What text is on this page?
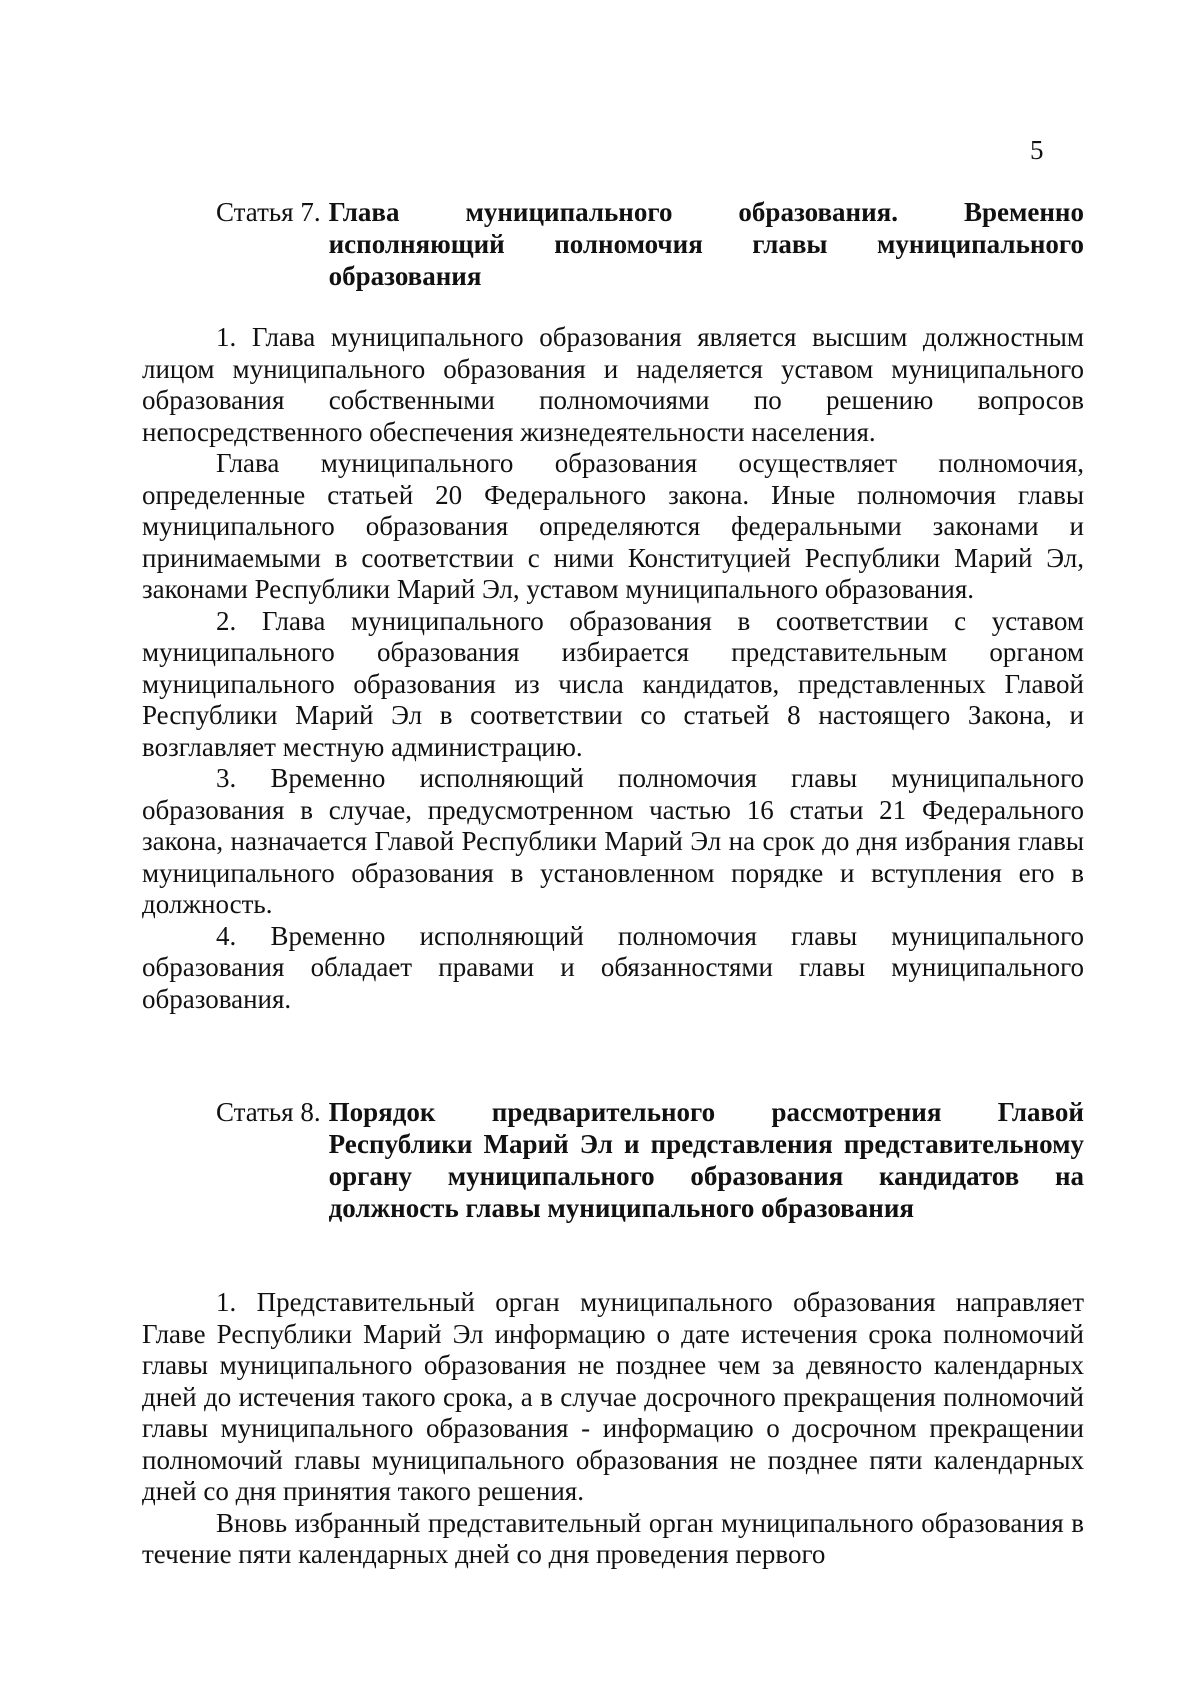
5
Статья 7. Глава муниципального образования. Временно исполняющий полномочия главы муниципального образования

1. Глава муниципального образования является высшим должностным лицом муниципального образования и наделяется уставом муниципального образования собственными полномочиями по решению вопросов непосредственного обеспечения жизнедеятельности населения.

Глава муниципального образования осуществляет полномочия, определенные статьей 20 Федерального закона. Иные полномочия главы муниципального образования определяются федеральными законами и принимаемыми в соответствии с ними Конституцией Республики Марий Эл, законами Республики Марий Эл, уставом муниципального образования.

2. Глава муниципального образования в соответствии с уставом муниципального образования избирается представительным органом муниципального образования из числа кандидатов, представленных Главой Республики Марий Эл в соответствии со статьей 8 настоящего Закона, и возглавляет местную администрацию.

3. Временно исполняющий полномочия главы муниципального образования в случае, предусмотренном частью 16 статьи 21 Федерального закона, назначается Главой Республики Марий Эл на срок до дня избрания главы муниципального образования в установленном порядке и вступления его в должность.

4. Временно исполняющий полномочия главы муниципального образования обладает правами и обязанностями главы муниципального образования.

Статья 8. Порядок предварительного рассмотрения Главой Республики Марий Эл и представления представительному органу муниципального образования кандидатов на должность главы муниципального образования

1. Представительный орган муниципального образования направляет Главе Республики Марий Эл информацию о дате истечения срока полномочий главы муниципального образования не позднее чем за девяносто календарных дней до истечения такого срока, а в случае досрочного прекращения полномочий главы муниципального образования - информацию о досрочном прекращении полномочий главы муниципального образования не позднее пяти календарных дней со дня принятия такого решения.

Вновь избранный представительный орган муниципального образования в течение пяти календарных дней со дня проведения первого
